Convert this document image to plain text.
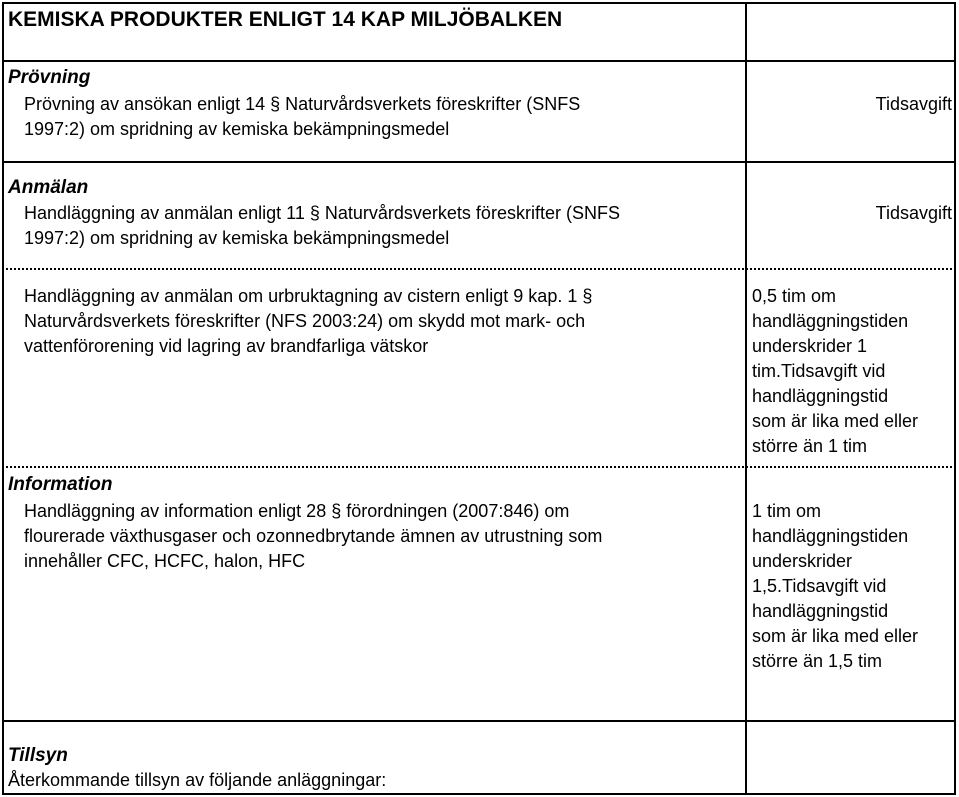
KEMISKA PRODUKTER ENLIGT 14 KAP MILJÖBALKEN
Prövning
Prövning av ansökan enligt 14 § Naturvårdsverkets föreskrifter (SNFS
1997:2) om spridning av kemiska bekämpningsmedel
Tidsavgift
Anmälan
Handläggning av anmälan enligt 11 § Naturvårdsverkets föreskrifter (SNFS
1997:2) om spridning av kemiska bekämpningsmedel
Tidsavgift
Handläggning av anmälan om urbruktagning av cistern enligt 9 kap. 1 §
Naturvårdsverkets föreskrifter (NFS 2003:24) om skydd mot mark- och
vattenförorening vid lagring av brandfarliga vätskor
0,5 tim om
handläggningstiden
underskrider 1
tim.Tidsavgift vid
handläggningstid
som är lika med eller
större än 1 tim
Information
Handläggning av information enligt 28 § förordningen (2007:846) om
flourerade växthusgaser och ozonnedbrytande ämnen av utrustning som
innehåller CFC, HCFC, halon, HFC
1 tim om
handläggningstiden
underskrider
1,5.Tidsavgift vid
handläggningstid
som är lika med eller
större än 1,5 tim
Tillsyn
Återkommande tillsyn av följande anläggningar:
